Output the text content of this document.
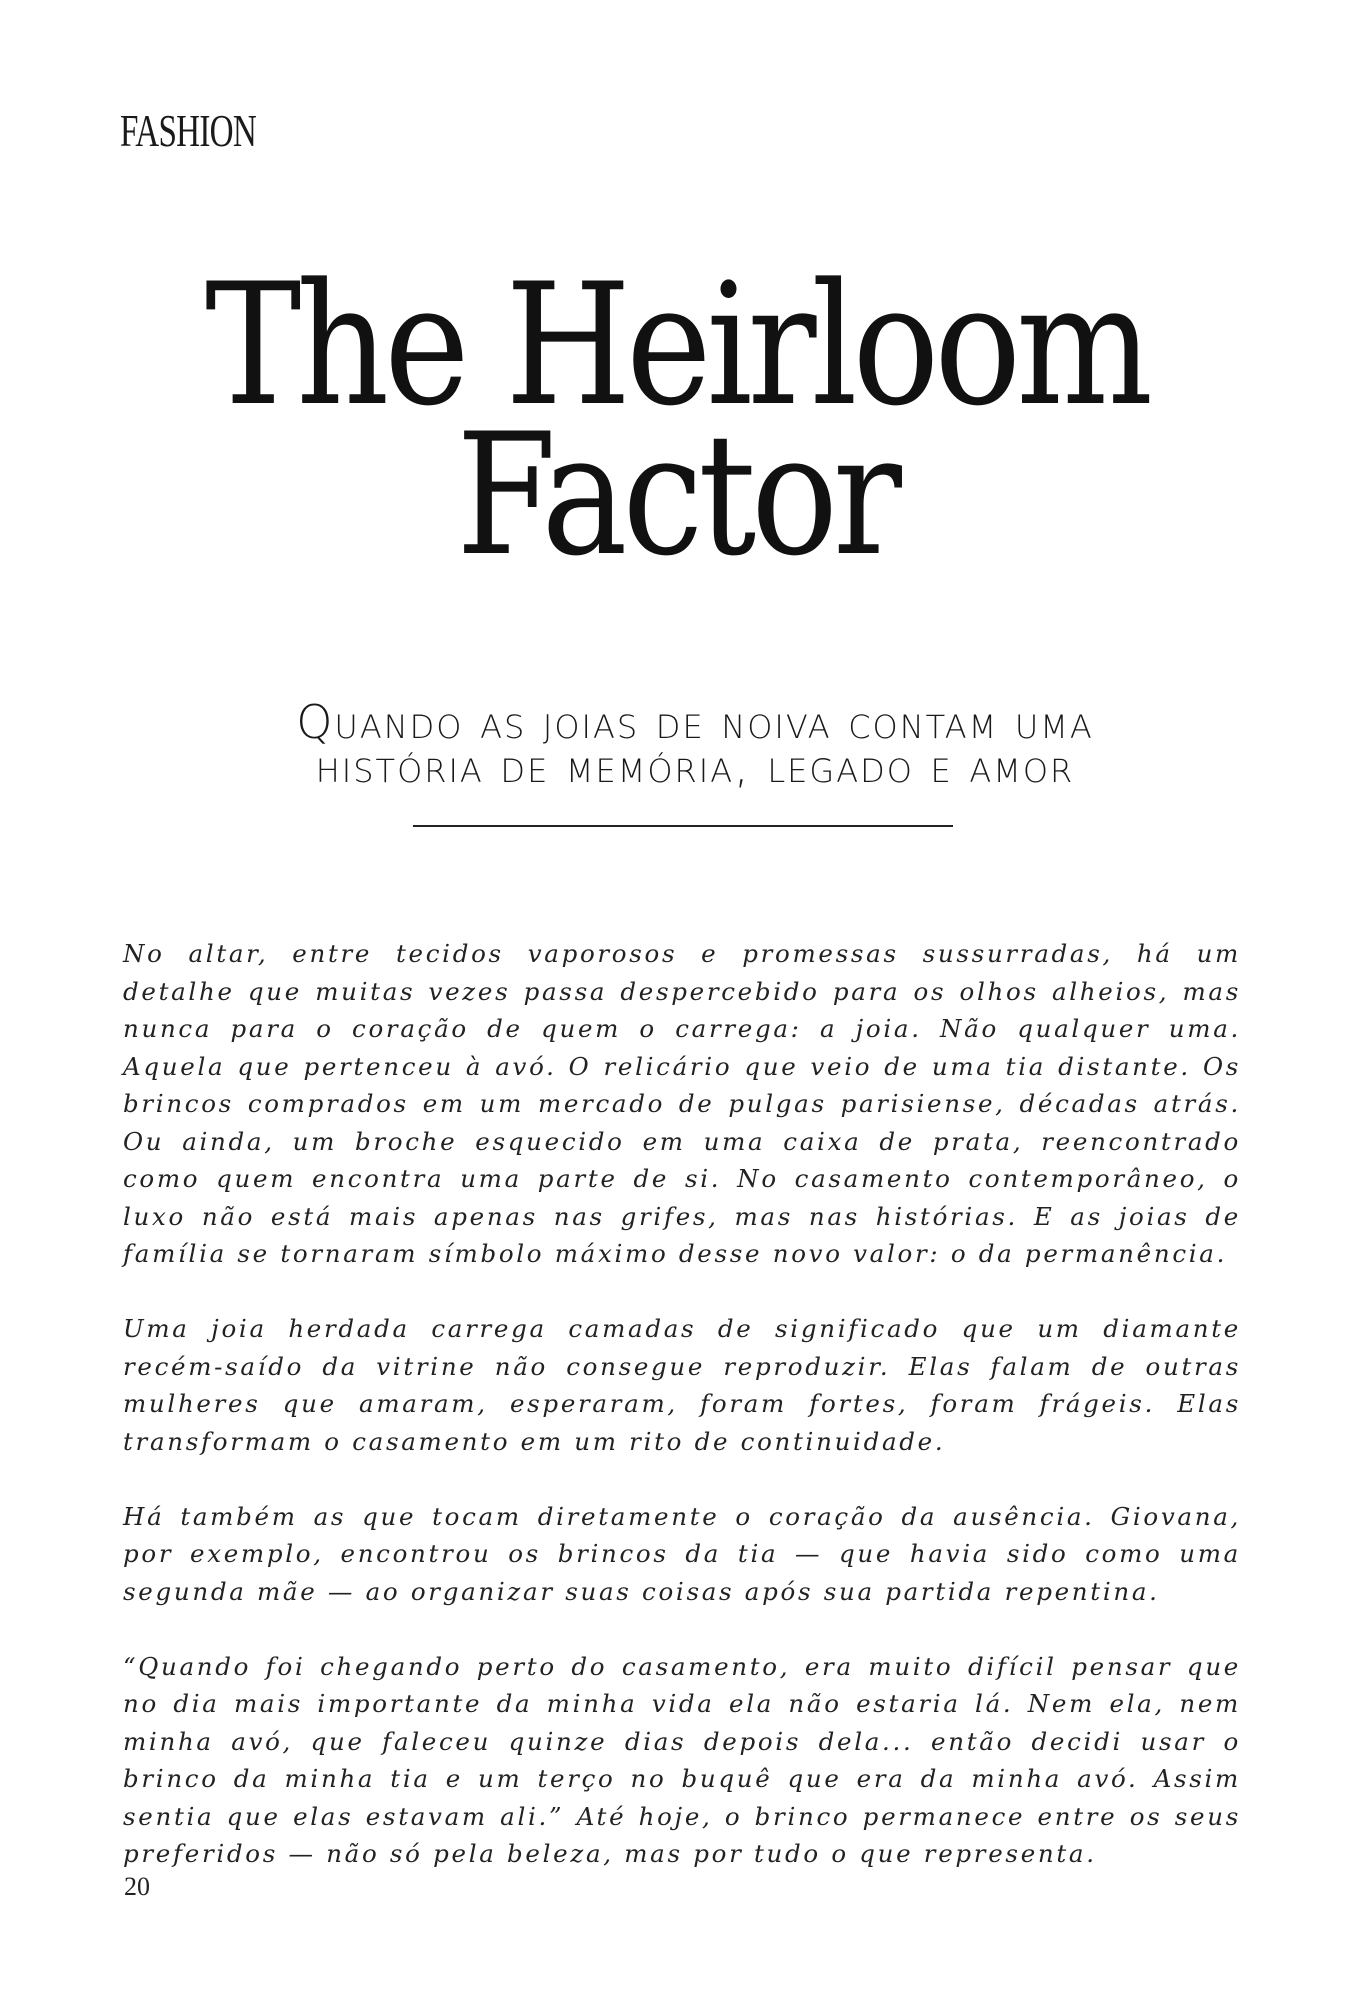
FASHION
The Heirloom
Factor
Quando as joias de noiva contam uma
história de memória, legado e amor

No altar, entre tecidos vaporosos e promessas sussurradas, há um detalhe que muitas vezes passa despercebido para os olhos alheios, mas nunca para o coração de quem o carrega: a joia. Não qualquer uma. Aquela que pertenceu à avó. O relicário que veio de uma tia distante. Os brincos comprados em um mercado de pulgas parisiense, décadas atrás. Ou ainda, um broche esquecido em uma caixa de prata, reencontrado como quem encontra uma parte de si. No casamento contemporâneo, o luxo não está mais apenas nas grifes, mas nas histórias. E as joias de família se tornaram símbolo máximo desse novo valor: o da permanência.

Uma joia herdada carrega camadas de significado que um diamante recém-saído da vitrine não consegue reproduzir. Elas falam de outras mulheres que amaram, esperaram, foram fortes, foram frágeis. Elas transformam o casamento em um rito de continuidade.

Há também as que tocam diretamente o coração da ausência. Giovana, por exemplo, encontrou os brincos da tia — que havia sido como uma segunda mãe — ao organizar suas coisas após sua partida repentina.

“Quando foi chegando perto do casamento, era muito difícil pensar que no dia mais importante da minha vida ela não estaria lá. Nem ela, nem minha avó, que faleceu quinze dias depois dela... então decidi usar o brinco da minha tia e um terço no buquê que era da minha avó. Assim sentia que elas estavam ali.” Até hoje, o brinco permanece entre os seus preferidos — não só pela beleza, mas por tudo o que representa.

20
